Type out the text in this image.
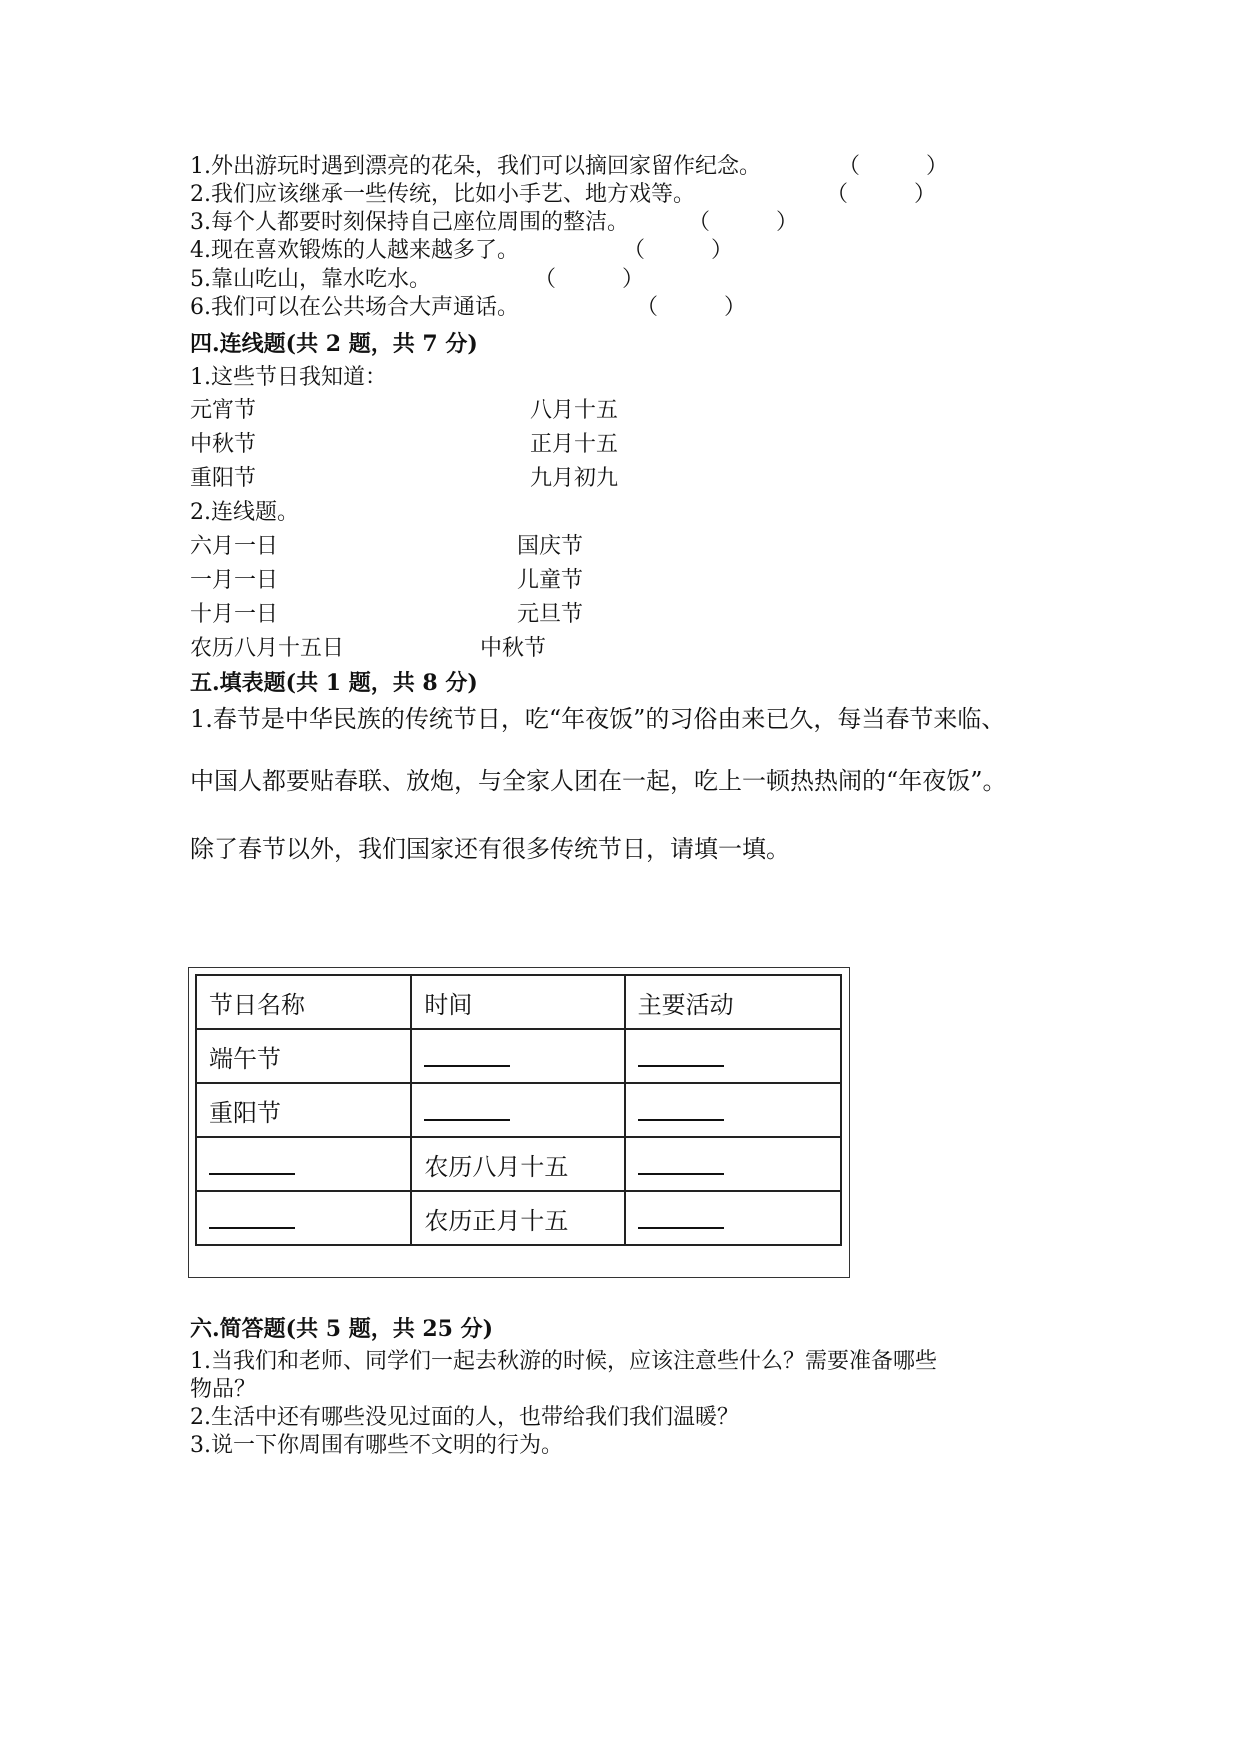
1.外出游玩时遇到漂亮的花朵，我们可以摘回家留作纪念。	（　　　）
2.我们应该继承一些传统，比如小手艺、地方戏等。	（　　　）
3.每个人都要时刻保持自己座位周围的整洁。	（　　　）
4.现在喜欢锻炼的人越来越多了。	（　　　）
5.靠山吃山，靠水吃水。	（　　　）
6.我们可以在公共场合大声通话。	（　　　）
四.连线题(共 2 题，共 7 分)
1.这些节日我知道：
元宵节	八月十五
中秋节	正月十五
重阳节	九月初九
2.连线题。
六月一日	国庆节
一月一日	儿童节
十月一日	元旦节
农历八月十五日	中秋节
五.填表题(共 1 题，共 8 分)
1.春节是中华民族的传统节日，吃“年夜饭”的习俗由来已久，每当春节来临、
中国人都要贴春联、放炮，与全家人团在一起，吃上一顿热热闹的“年夜饭”。
除了春节以外，我们国家还有很多传统节日，请填一填。
节日名称	时间	主要活动
端午节		
重阳节		
	农历八月十五	
	农历正月十五	
六.简答题(共 5 题，共 25 分)
1.当我们和老师、同学们一起去秋游的时候，应该注意些什么？需要准备哪些
物品？
2.生活中还有哪些没见过面的人，也带给我们我们温暖？
3.说一下你周围有哪些不文明的行为。
